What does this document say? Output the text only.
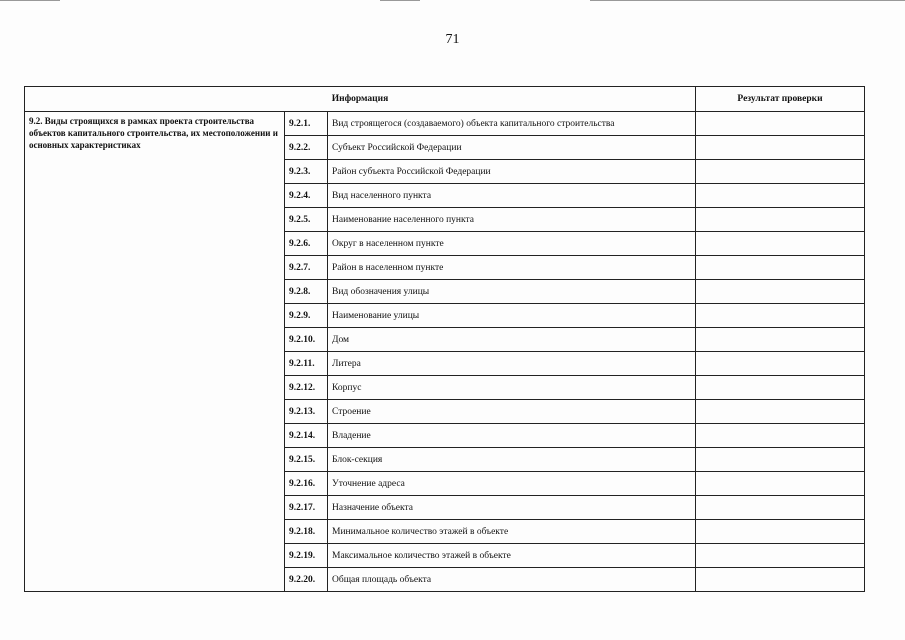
71
Информация			Результат проверки
9.2. Виды строящихся в рамках проекта строительства объектов капитального строительства, их местоположении и основных характеристиках	9.2.1.	Вид строящегося (создаваемого) объекта капитального строительства	
	9.2.2.	Субъект Российской Федерации	
	9.2.3.	Район субъекта Российской Федерации	
	9.2.4.	Вид населенного пункта	
	9.2.5.	Наименование населенного пункта	
	9.2.6.	Округ в населенном пункте	
	9.2.7.	Район в населенном пункте	
	9.2.8.	Вид обозначения улицы	
	9.2.9.	Наименование улицы	
	9.2.10.	Дом	
	9.2.11.	Литера	
	9.2.12.	Корпус	
	9.2.13.	Строение	
	9.2.14.	Владение	
	9.2.15.	Блок-секция	
	9.2.16.	Уточнение адреса	
	9.2.17.	Назначение объекта	
	9.2.18.	Минимальное количество этажей в объекте	
	9.2.19.	Максимальное количество этажей в объекте	
	9.2.20.	Общая площадь объекта	
